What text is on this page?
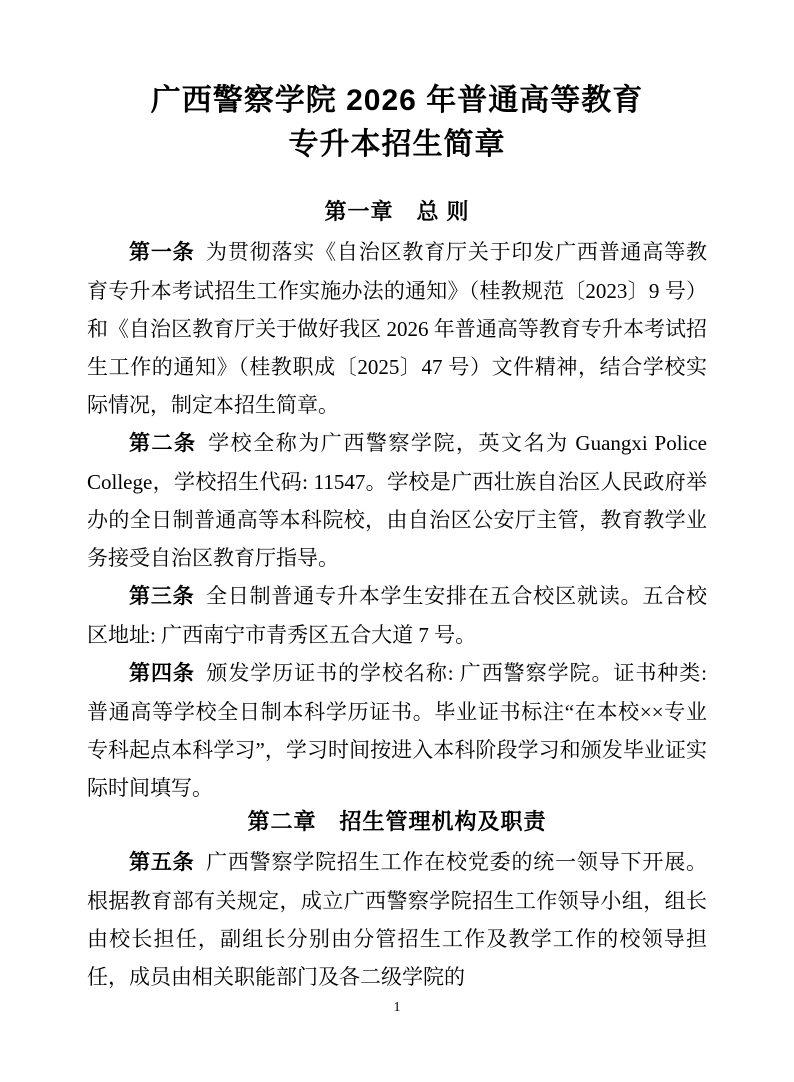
广西警察学院 2026 年普通高等教育
专升本招生简章
第一章　总 则

第一条 为贯彻落实《自治区教育厅关于印发广西普通高等教育专升本考试招生工作实施办法的通知》（桂教规范〔2023〕9 号）和《自治区教育厅关于做好我区 2026 年普通高等教育专升本考试招生工作的通知》（桂教职成〔2025〕47 号）文件精神，结合学校实际情况，制定本招生简章。

第二条 学校全称为广西警察学院，英文名为 Guangxi Police College，学校招生代码: 11547。学校是广西壮族自治区人民政府举办的全日制普通高等本科院校，由自治区公安厅主管，教育教学业务接受自治区教育厅指导。

第三条 全日制普通专升本学生安排在五合校区就读。五合校区地址: 广西南宁市青秀区五合大道 7 号。

第四条 颁发学历证书的学校名称: 广西警察学院。证书种类: 普通高等学校全日制本科学历证书。毕业证书标注“在本校××专业专科起点本科学习”，学习时间按进入本科阶段学习和颁发毕业证实际时间填写。

第二章　招生管理机构及职责

第五条 广西警察学院招生工作在校党委的统一领导下开展。根据教育部有关规定，成立广西警察学院招生工作领导小组，组长由校长担任，副组长分别由分管招生工作及教学工作的校领导担任，成员由相关职能部门及各二级学院的

1
